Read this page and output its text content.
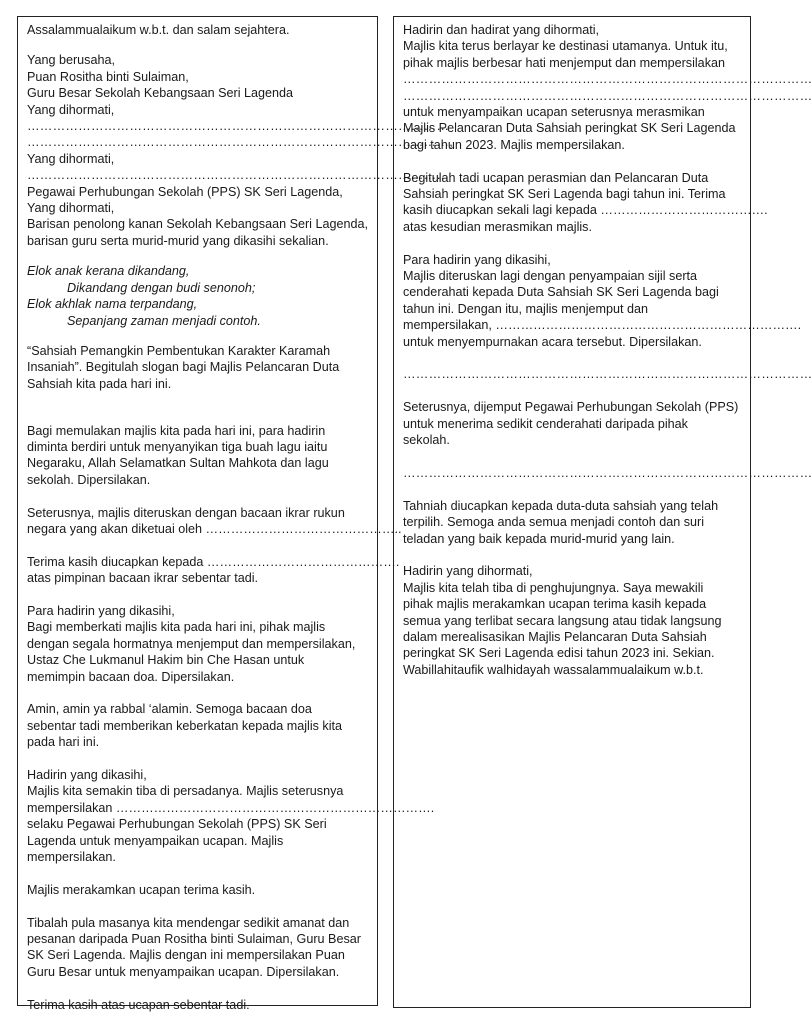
Assalammualaikum w.b.t. dan salam sejahtera.
Yang berusaha,
Puan Rositha binti Sulaiman,
Guru Besar Sekolah Kebangsaan Seri Lagenda
Yang dihormati,
………………………………………………………………………………………
………………………………………………………………………………………,
Yang dihormati,
………………………………………………………………………………………
Pegawai Perhubungan Sekolah (PPS) SK Seri Lagenda,
Yang dihormati,
Barisan penolong kanan Sekolah Kebangsaan Seri Lagenda,
barisan guru serta murid-murid yang dikasihi sekalian.
Elok anak kerana dikandang,
Dikandang dengan budi senonoh;
Elok akhlak nama terpandang,
Sepanjang zaman menjadi contoh.
“Sahsiah Pemangkin Pembentukan Karakter Karamah
Insaniah”. Begitulah slogan bagi Majlis Pelancaran Duta
Sahsiah kita pada hari ini.
Bagi memulakan majlis kita pada hari ini, para hadirin
diminta berdiri untuk menyanyikan tiga buah lagu iaitu
Negaraku, Allah Selamatkan Sultan Mahkota dan lagu
sekolah. Dipersilakan.
Seterusnya, majlis diteruskan dengan bacaan ikrar rukun
negara yang akan diketuai oleh ………………………………………..
Terima kasih diucapkan kepada ……………………………………….
atas pimpinan bacaan ikrar sebentar tadi.
Para hadirin yang dikasihi,
Bagi memberkati majlis kita pada hari ini, pihak majlis
dengan segala hormatnya menjemput dan mempersilakan,
Ustaz Che Lukmanul Hakim bin Che Hasan untuk
memimpin bacaan doa. Dipersilakan.
Amin, amin ya rabbal ‘alamin. Semoga bacaan doa
sebentar tadi memberikan keberkatan kepada majlis kita
pada hari ini.
Hadirin yang dikasihi,
Majlis kita semakin tiba di persadanya. Majlis seterusnya
mempersilakan ………………………………………………………………….
selaku Pegawai Perhubungan Sekolah (PPS) SK Seri
Lagenda untuk menyampaikan ucapan. Majlis
mempersilakan.
Majlis merakamkan ucapan terima kasih.
Tibalah pula masanya kita mendengar sedikit amanat dan
pesanan daripada Puan Rositha binti Sulaiman, Guru Besar
SK Seri Lagenda. Majlis dengan ini mempersilakan Puan
Guru Besar untuk menyampaikan ucapan. Dipersilakan.
Terima kasih atas ucapan sebentar tadi.
Hadirin dan hadirat yang dihormati,
Majlis kita terus berlayar ke destinasi utamanya. Untuk itu,
pihak majlis berbesar hati menjemput dan mempersilakan
……………………………………………………………………………………
……………………………………………………………………………………
untuk menyampaikan ucapan seterusnya merasmikan
Majlis Pelancaran Duta Sahsiah peringkat SK Seri Lagenda
bagi tahun 2023. Majlis mempersilakan.
Begitulah tadi ucapan perasmian dan Pelancaran Duta
Sahsiah peringkat SK Seri Lagenda bagi tahun ini. Terima
kasih diucapkan sekali lagi kepada ………………………………….
atas kesudian merasmikan majlis.
Para hadirin yang dikasihi,
Majlis diteruskan lagi dengan penyampaian sijil serta
cenderahati kepada Duta Sahsiah SK Seri Lagenda bagi
tahun ini. Dengan itu, majlis menjemput dan
mempersilakan, ……………………………………………………………….
untuk menyempurnakan acara tersebut. Dipersilakan.
……………………………………………………………………………………
Seterusnya, dijemput Pegawai Perhubungan Sekolah (PPS)
untuk menerima sedikit cenderahati daripada pihak
sekolah.
……………………………………………………………………………………
Tahniah diucapkan kepada duta-duta sahsiah yang telah
terpilih. Semoga anda semua menjadi contoh dan suri
teladan yang baik kepada murid-murid yang lain.
Hadirin yang dihormati,
Majlis kita telah tiba di penghujungnya. Saya mewakili
pihak majlis merakamkan ucapan terima kasih kepada
semua yang terlibat secara langsung atau tidak langsung
dalam merealisasikan Majlis Pelancaran Duta Sahsiah
peringkat SK Seri Lagenda edisi tahun 2023 ini. Sekian.
Wabillahitaufik walhidayah wassalammualaikum w.b.t.
